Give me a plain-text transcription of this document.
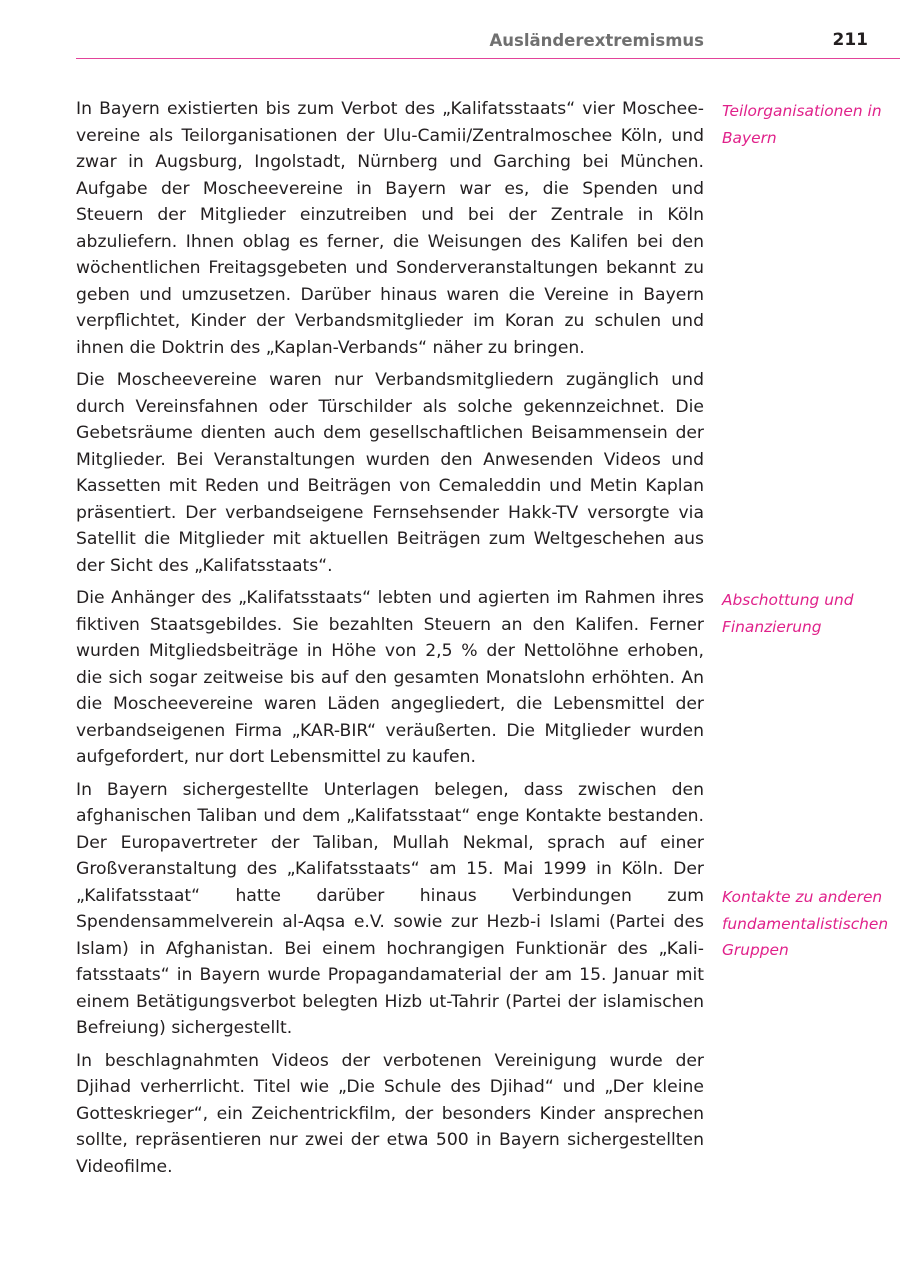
Ausländerextremismus	211

In Bayern existierten bis zum Verbot des „Kalifatsstaats“ vier Moscheevereine als Teilorganisationen der Ulu-Camii/Zentralmoschee Köln, und zwar in Augsburg, Ingolstadt, Nürnberg und Garching bei München. Aufgabe der Moscheevereine in Bayern war es, die Spenden und Steuern der Mitglieder einzutreiben und bei der Zentrale in Köln abzuliefern. Ihnen oblag es ferner, die Weisungen des Kalifen bei den wöchentlichen Freitagsgebeten und Sonderveranstaltungen bekannt zu geben und umzusetzen. Darüber hinaus waren die Vereine in Bayern verpflichtet, Kinder der Verbandsmitglieder im Koran zu schulen und ihnen die Doktrin des „Kaplan-Verbands“ näher zu bringen.

Die Moscheevereine waren nur Verbandsmitgliedern zugänglich und durch Vereinsfahnen oder Türschilder als solche gekennzeichnet. Die Gebetsräume dienten auch dem gesellschaftlichen Beisammensein der Mitglieder. Bei Veranstaltungen wurden den Anwesenden Videos und Kassetten mit Reden und Beiträgen von Cemaleddin und Metin Kaplan präsentiert. Der verbandseigene Fernsehsender Hakk-TV versorgte via Satellit die Mitglieder mit aktuellen Beiträgen zum Weltgeschehen aus der Sicht des „Kalifatsstaats“.

Die Anhänger des „Kalifatsstaats“ lebten und agierten im Rahmen ihres fiktiven Staatsgebildes. Sie bezahlten Steuern an den Kalifen. Ferner wurden Mitgliedsbeiträge in Höhe von 2,5 % der Nettolöhne erhoben, die sich sogar zeitweise bis auf den gesamten Monatslohn erhöhten. An die Moscheevereine waren Läden angegliedert, die Lebensmittel der verbandseigenen Firma „KAR-BIR“ veräußerten. Die Mitglieder wurden aufgefordert, nur dort Lebensmittel zu kaufen.

In Bayern sichergestellte Unterlagen belegen, dass zwischen den afghanischen Taliban und dem „Kalifatsstaat“ enge Kontakte bestanden. Der Europavertreter der Taliban, Mullah Nekmal, sprach auf einer Großveranstaltung des „Kalifatsstaats“ am 15. Mai 1999 in Köln. Der „Kalifatsstaat“ hatte darüber hinaus Verbindungen zum Spendensammelverein al-Aqsa e.V. sowie zur Hezb-i Islami (Partei des Islam) in Afghanistan. Bei einem hochrangigen Funktionär des „Kalifatsstaats“ in Bayern wurde Propagandamaterial der am 15. Januar mit einem Betätigungsverbot belegten Hizb ut-Tahrir (Partei der islamischen Befreiung) sichergestellt.

In beschlagnahmten Videos der verbotenen Vereinigung wurde der Djihad verherrlicht. Titel wie „Die Schule des Djihad“ und „Der kleine Gotteskrieger“, ein Zeichentrickfilm, der besonders Kinder ansprechen sollte, repräsentieren nur zwei der etwa 500 in Bayern sichergestellten Videofilme.

Teilorganisationen in Bayern
Abschottung und Finanzierung
Kontakte zu anderen fundamentalistischen Gruppen
